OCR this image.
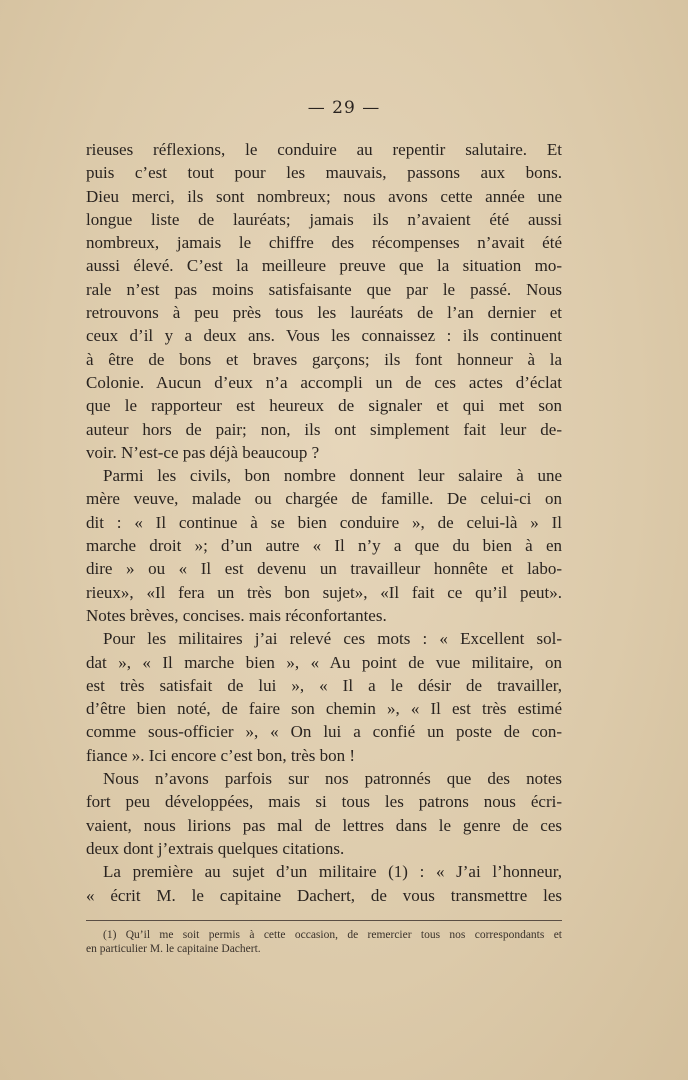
— 29 —
rieuses réflexions, le conduire au repentir salutaire. Et
puis c’est tout pour les mauvais, passons aux bons.
Dieu merci, ils sont nombreux; nous avons cette année une
longue liste de lauréats; jamais ils n’avaient été aussi
nombreux, jamais le chiffre des récompenses n’avait été
aussi élevé. C’est la meilleure preuve que la situation mo-
rale n’est pas moins satisfaisante que par le passé. Nous
retrouvons à peu près tous les lauréats de l’an dernier et
ceux d’il y a deux ans. Vous les connaissez : ils continuent
à être de bons et braves garçons; ils font honneur à la
Colonie. Aucun d’eux n’a accompli un de ces actes d’éclat
que le rapporteur est heureux de signaler et qui met son
auteur hors de pair; non, ils ont simplement fait leur de-
voir. N’est-ce pas déjà beaucoup ?
Parmi les civils, bon nombre donnent leur salaire à une
mère veuve, malade ou chargée de famille. De celui-ci on
dit : « Il continue à se bien conduire », de celui-là » Il
marche droit »; d’un autre « Il n’y a que du bien à en
dire » ou « Il est devenu un travailleur honnête et labo-
rieux», «Il fera un très bon sujet», «Il fait ce qu’il peut».
Notes brèves, concises. mais réconfortantes.
Pour les militaires j’ai relevé ces mots : « Excellent sol-
dat », « Il marche bien », « Au point de vue militaire, on
est très satisfait de lui », « Il a le désir de travailler,
d’être bien noté, de faire son chemin », « Il est très estimé
comme sous-officier », « On lui a confié un poste de con-
fiance ». Ici encore c’est bon, très bon !
Nous n’avons parfois sur nos patronnés que des notes
fort peu développées, mais si tous les patrons nous écri-
vaient, nous lirions pas mal de lettres dans le genre de ces
deux dont j’extrais quelques citations.
La première au sujet d’un militaire (1) : « J’ai l’honneur,
« écrit M. le capitaine Dachert, de vous transmettre les
(1) Qu’il me soit permis à cette occasion, de remercier tous nos correspondants et
en particulier M. le capitaine Dachert.
